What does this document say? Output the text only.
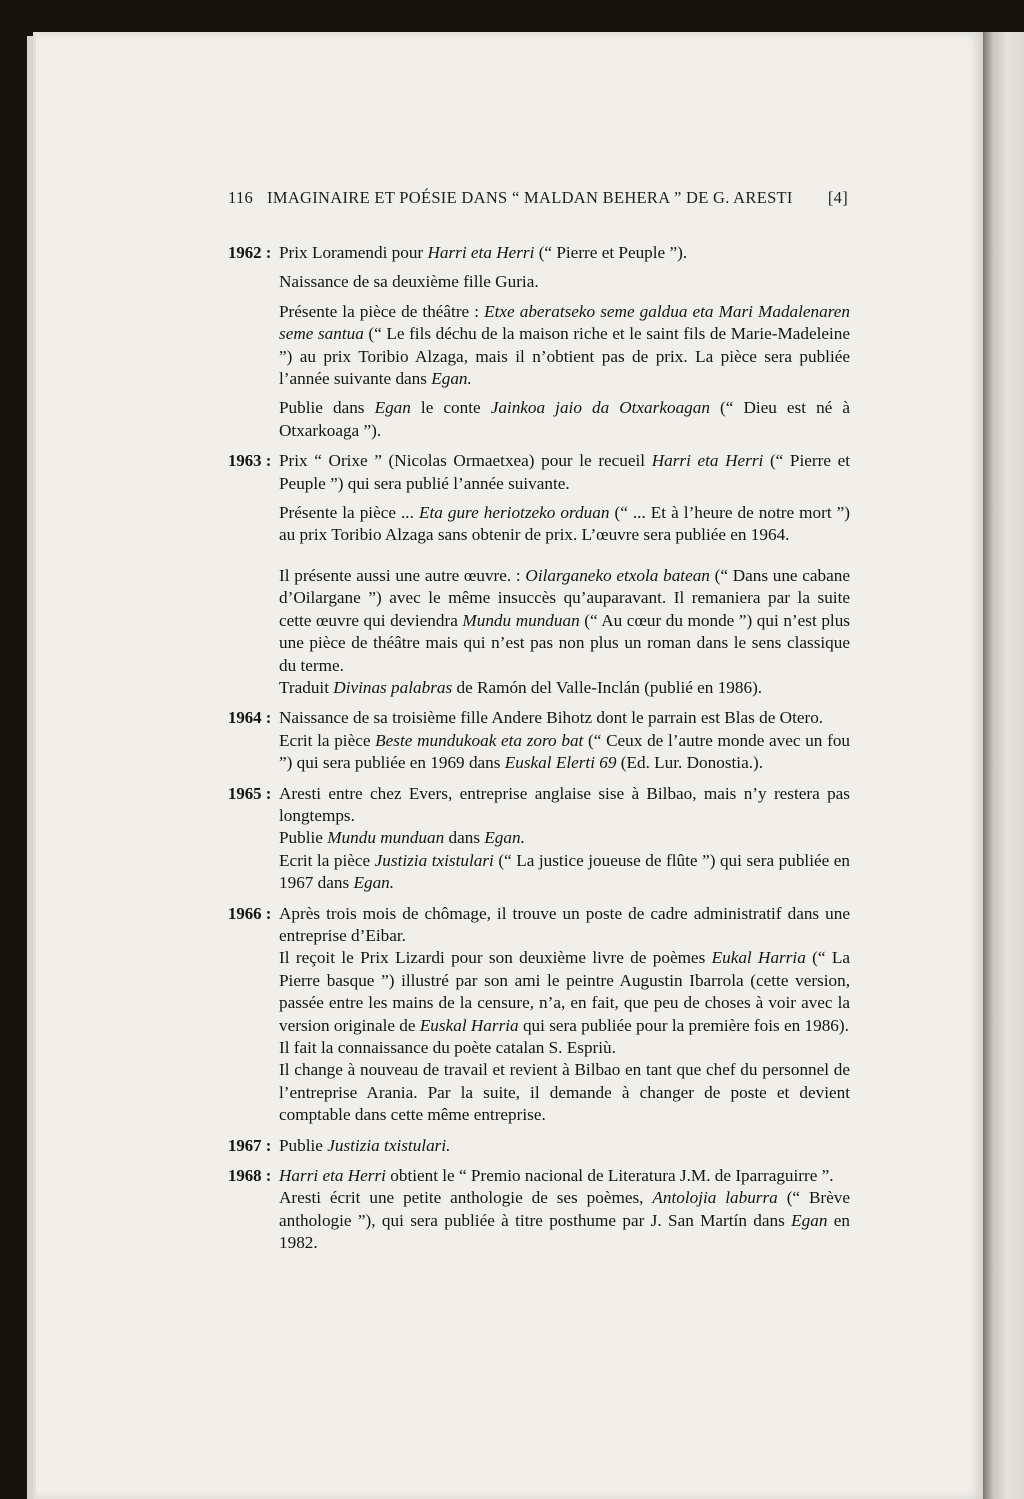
116 IMAGINAIRE ET POÉSIE DANS “ MALDAN BEHERA ” DE G. ARESTI [4]
1962 : Prix Loramendi pour Harri eta Herri (“ Pierre et Peuple ”).

Naissance de sa deuxième fille Guria.

Présente la pièce de théâtre : Etxe aberatseko seme galdua eta Mari Madalenaren seme santua (“ Le fils déchu de la maison riche et le saint fils de Marie-Madeleine ”) au prix Toribio Alzaga, mais il n’obtient pas de prix. La pièce sera publiée l’année suivante dans Egan.

Publie dans Egan le conte Jainkoa jaio da Otxarkoagan (“ Dieu est né à Otxarkoaga ”).

1963 : Prix “ Orixe ” (Nicolas Ormaetxea) pour le recueil Harri eta Herri (“ Pierre et Peuple ”) qui sera publié l’année suivante.

Présente la pièce ... Eta gure heriotzeko orduan (“ ... Et à l’heure de notre mort ”) au prix Toribio Alzaga sans obtenir de prix. L’œuvre sera publiée en 1964.

Il présente aussi une autre œuvre. : Oilarganeko etxola batean (“ Dans une cabane d’Oilargane ”) avec le même insuccès qu’auparavant. Il remaniera par la suite cette œuvre qui deviendra Mundu munduan (“ Au cœur du monde ”) qui n’est plus une pièce de théâtre mais qui n’est pas non plus un roman dans le sens classique du terme.

Traduit Divinas palabras de Ramón del Valle-Inclán (publié en 1986).

1964 : Naissance de sa troisième fille Andere Bihotz dont le parrain est Blas de Otero.

Ecrit la pièce Beste mundukoak eta zoro bat (“ Ceux de l’autre monde avec un fou ”) qui sera publiée en 1969 dans Euskal Elerti 69 (Ed. Lur. Donostia.).

1965 : Aresti entre chez Evers, entreprise anglaise sise à Bilbao, mais n’y restera pas longtemps.

Publie Mundu munduan dans Egan.

Ecrit la pièce Justizia txistulari (“ La justice joueuse de flûte ”) qui sera publiée en 1967 dans Egan.

1966 : Après trois mois de chômage, il trouve un poste de cadre administratif dans une entreprise d’Eibar.

Il reçoit le Prix Lizardi pour son deuxième livre de poèmes Eukal Harria (“ La Pierre basque ”) illustré par son ami le peintre Augustin Ibarrola (cette version, passée entre les mains de la censure, n’a, en fait, que peu de choses à voir avec la version originale de Euskal Harria qui sera publiée pour la première fois en 1986).

Il fait la connaissance du poète catalan S. Espriù.

Il change à nouveau de travail et revient à Bilbao en tant que chef du personnel de l’entreprise Arania. Par la suite, il demande à changer de poste et devient comptable dans cette même entreprise.

1967 : Publie Justizia txistulari.

1968 : Harri eta Herri obtient le “ Premio nacional de Literatura J.M. de Iparraguirre ”.

Aresti écrit une petite anthologie de ses poèmes, Antolojia laburra (“ Brève anthologie ”), qui sera publiée à titre posthume par J. San Martín dans Egan en 1982.
